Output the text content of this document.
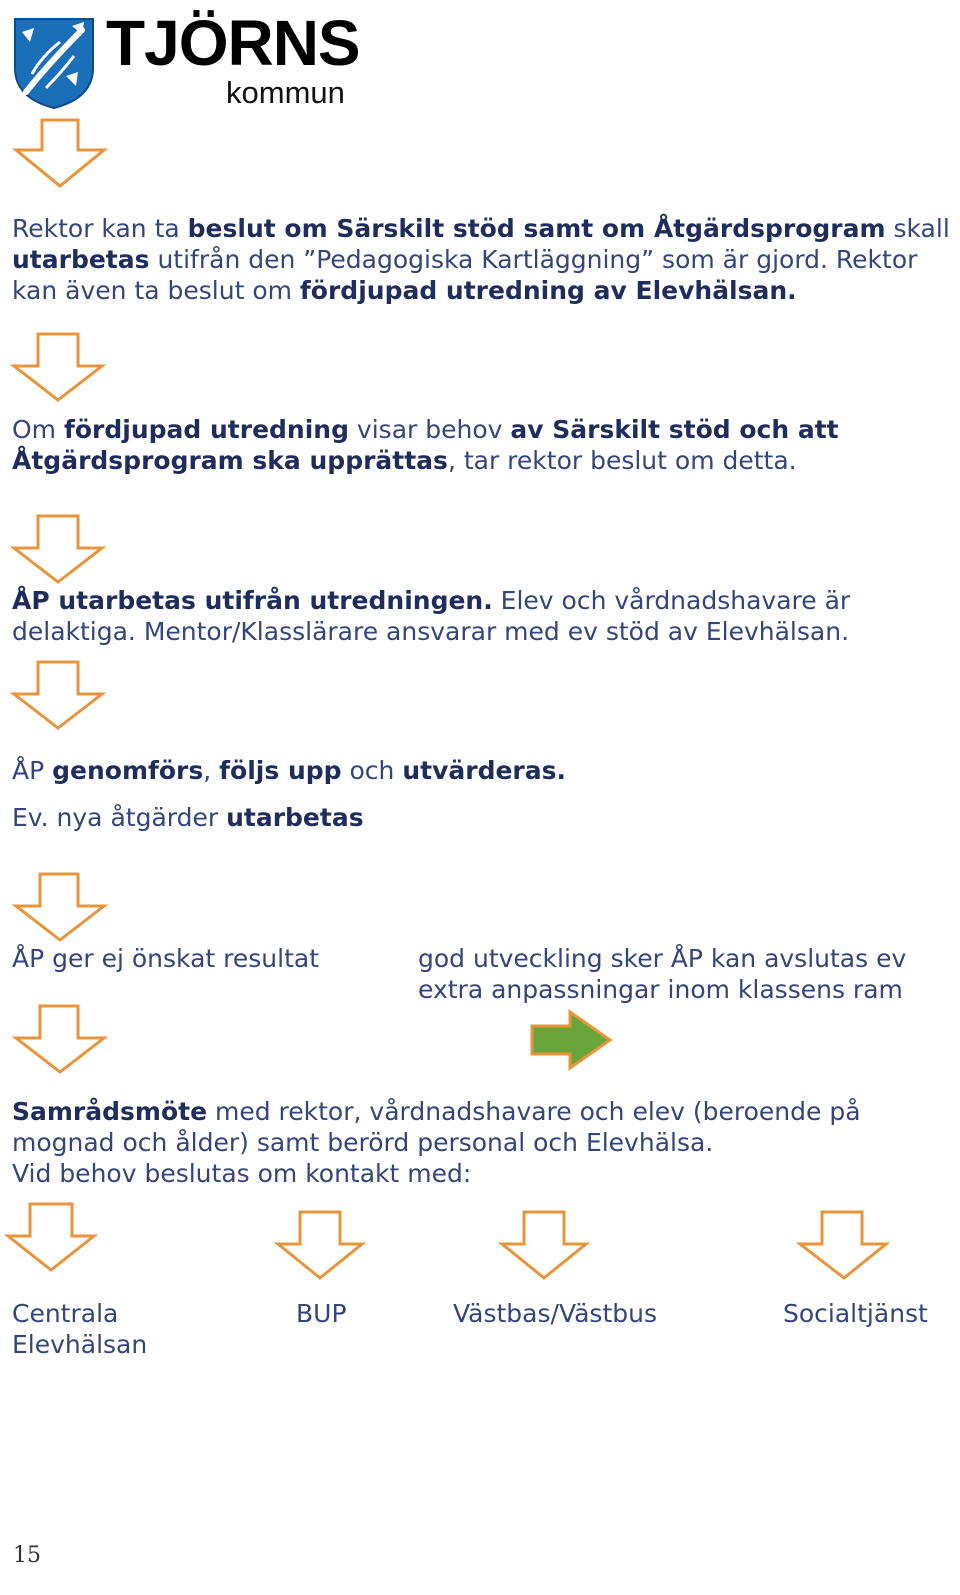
TJÖRNS
kommun
Rektor kan ta beslut om Särskilt stöd samt om Åtgärdsprogram skall
utarbetas utifrån den ”Pedagogiska Kartläggning” som är gjord. Rektor
kan även ta beslut om fördjupad utredning av Elevhälsan.
Om fördjupad utredning visar behov av Särskilt stöd och att
Åtgärdsprogram ska upprättas, tar rektor beslut om detta.
ÅP utarbetas utifrån utredningen. Elev och vårdnadshavare är
delaktiga. Mentor/Klasslärare ansvarar med ev stöd av Elevhälsan.
ÅP genomförs, följs upp och utvärderas.
Ev. nya åtgärder utarbetas
ÅP ger ej önskat resultat	god utveckling sker ÅP kan avslutas ev
extra anpassningar inom klassens ram
Samrådsmöte med rektor, vårdnadshavare och elev (beroende på
mognad och ålder) samt berörd personal och Elevhälsa.
Vid behov beslutas om kontakt med:
Centrala
Elevhälsan
BUP	Västbas/Västbus	Socialtjänst
15
